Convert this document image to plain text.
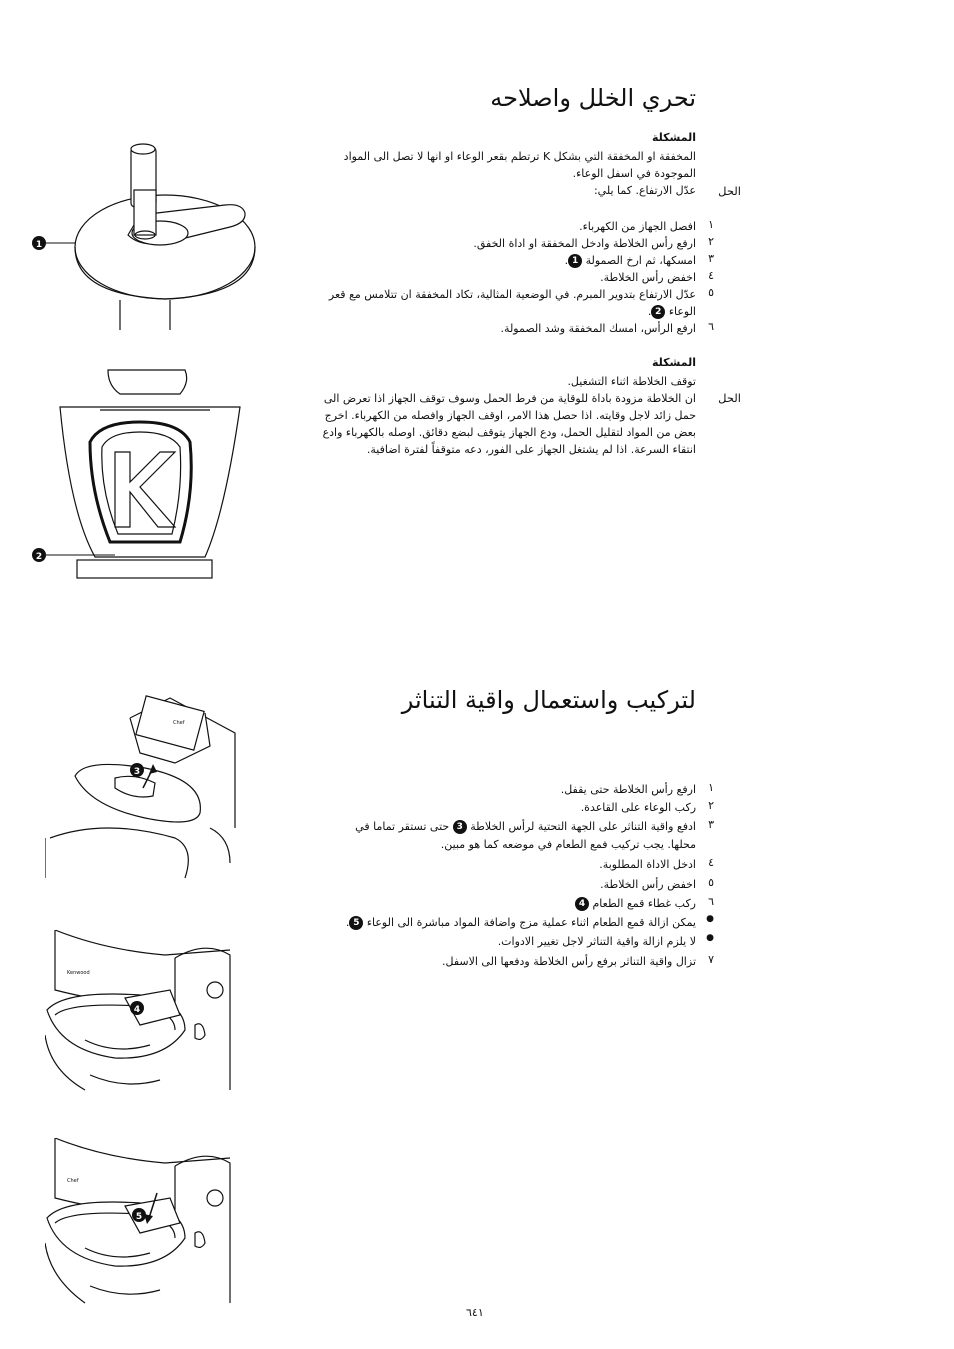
تحري الخلل واصلاحه
المشكلة
المخفقة او المخفقة التي بشكل K ترتطم بقعر الوعاء او انها لا تصل الى المواد
الموجودة في اسفل الوعاء.
الحل
عدّل الارتفاع. كما يلي:
١
افصل الجهاز من الكهرباء.
٢
ارفع رأس الخلاطة وادخل المخفقة او اداة الخفق.
٣
امسكها، ثم ارخ الصمولة 1.
٤
اخفض رأس الخلاطة.
٥
عدّل الارتفاع بتدوير المبرم. في الوضعية المثالية، تكاد المخفقة ان تتلامس مع قعر
الوعاء 2.
٦
ارفع الرأس، امسك المخفقة وشد الصمولة.
المشكلة
توقف الخلاطة اثناء التشغيل.
الحل
ان الخلاطة مزودة باداة للوقاية من فرط الحمل وسوف توقف الجهاز اذا تعرض الى
حمل زائد لاجل وقايته. اذا حصل هذا الامر، اوقف الجهاز وافصله من الكهرباء. اخرج
بعض من المواد لتقليل الحمل، ودع الجهاز يتوقف لبضع دقائق. اوصله بالكهرباء وادع
انتقاء السرعة. اذا لم يشتغل الجهاز على الفور، دعه متوقفاً لفترة اضافية.
لتركيب واستعمال واقية التناثر
١
ارفع رأس الخلاطة حتى يقفل.
٢
ركب الوعاء على القاعدة.
٣
ادفع واقية التناثر على الجهة التحتية لرأس الخلاطة 3 حتى تستقر تماما في
محلها. يجب تركيب فمع الطعام في موضعه كما هو مبين.
٤
ادخل الاداة المطلوبة.
٥
اخفض رأس الخلاطة.
٦
ركب غطاء قمع الطعام 4
●
يمكن ازالة قمع الطعام اثناء عملية مزج واضافة المواد مباشرة الى الوعاء 5.
●
لا يلزم ازالة واقية التناثر لاجل تغيير الادوات.
٧
تزال واقية التناثر برفع رأس الخلاطة ودفعها الى الاسفل.
٦٤١
1
2
3
Chef
4
Kenwood
5
Chef
